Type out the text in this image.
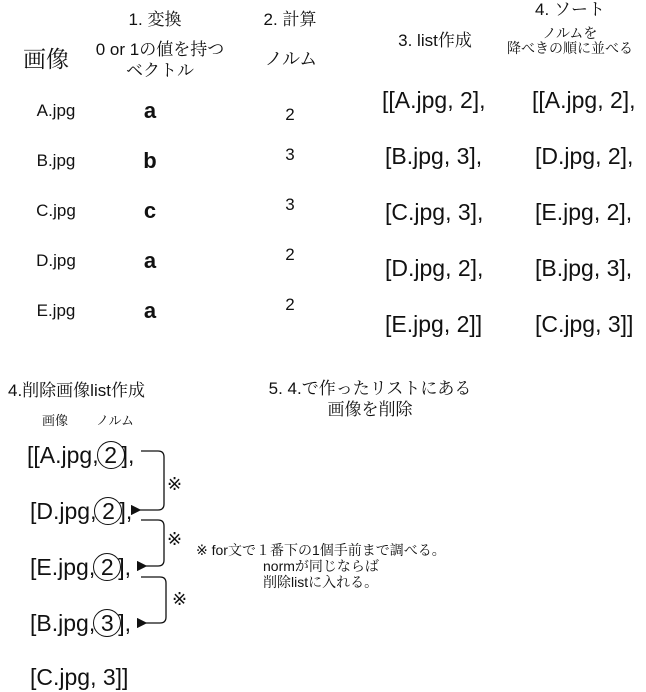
1. 変換	2. 計算
3. list作成
4. ソート
画像 0 or 1の値を持つ
ベクトル
ノルム
ノルムを
降べきの順に並べる
A.jpg	a	2
B.jpg	b	3
C.jpg	c	3
D.jpg	a	2
E.jpg	a	2
[[A.jpg, 2],
[B.jpg, 3],
[C.jpg, 3],
[D.jpg, 2],
[E.jpg, 2]]
[[A.jpg, 2],
[D.jpg, 2],
[E.jpg, 2],
[B.jpg, 3],
[C.jpg, 3]]
4.削除画像list作成
画像 ノルム
[[A.jpg, 2 ],
[D.jpg, 2 ],
[E.jpg, 2 ],
[B.jpg, 3 ],
[C.jpg, 3]]
※
※
※
5. 4.で作ったリストにある
画像を削除
※ for文で１番下の1個手前まで調べる。
normが同じならば
削除listに入れる。
